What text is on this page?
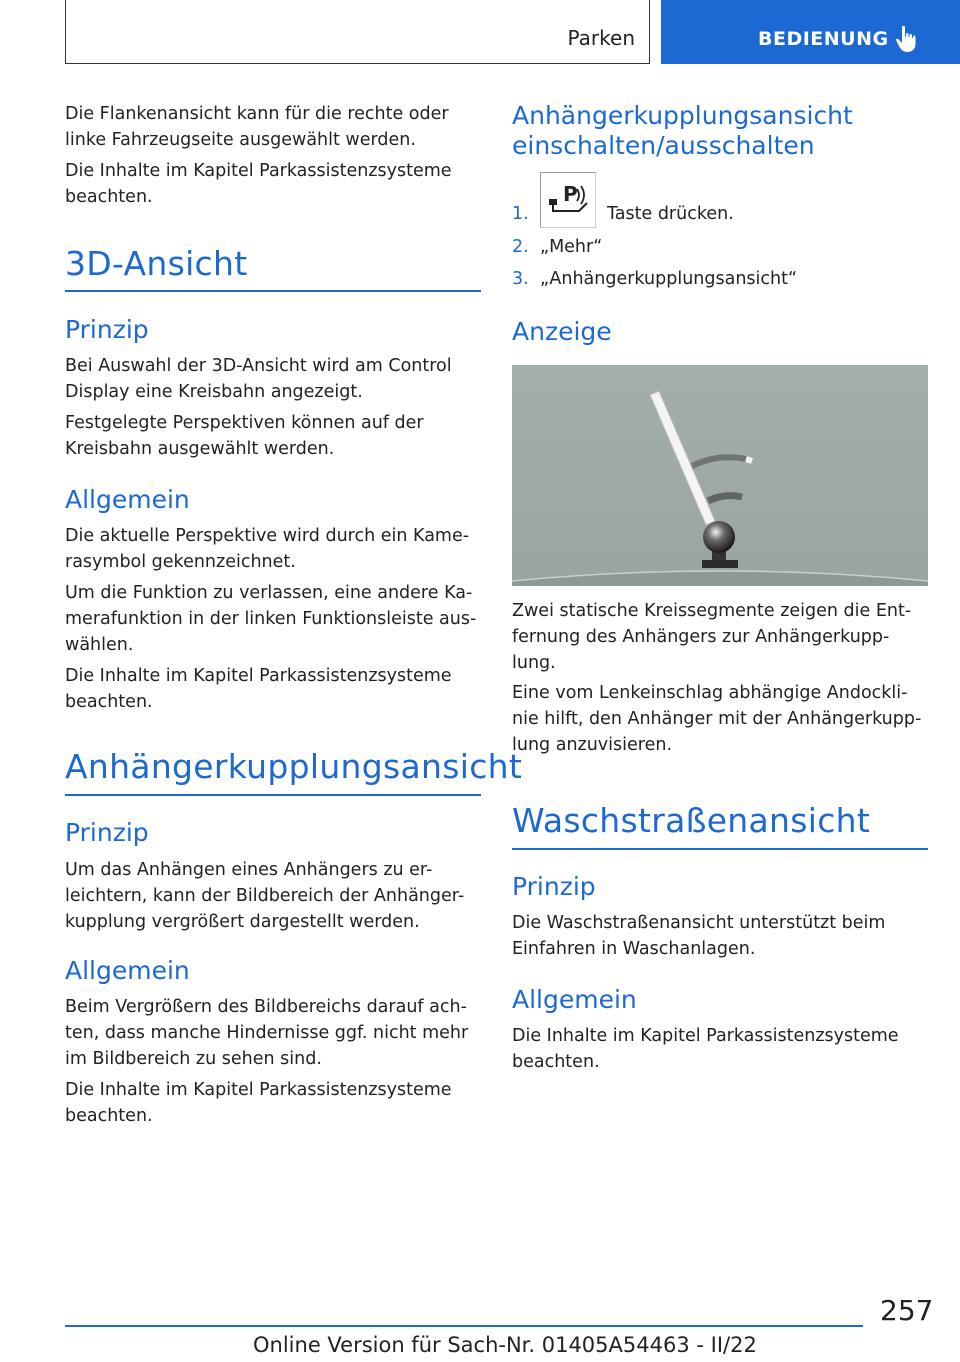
Parken	BEDIENUNG

Die Flankenansicht kann für die rechte oder linke Fahrzeugseite ausgewählt werden.

Die Inhalte im Kapitel Parkassistenzsysteme beachten.

3D-Ansicht
Prinzip

Bei Auswahl der 3D-Ansicht wird am Control Display eine Kreisbahn angezeigt.

Festgelegte Perspektiven können auf der Kreisbahn ausgewählt werden.

Allgemein

Die aktuelle Perspektive wird durch ein Kame-rasymbol gekennzeichnet.

Um die Funktion zu verlassen, eine andere Ka-merafunktion in der linken Funktionsleiste aus-wählen.

Die Inhalte im Kapitel Parkassistenzsysteme beachten.

Anhängerkupplungsansicht
Prinzip

Um das Anhängen eines Anhängers zu er-leichtern, kann der Bildbereich der Anhänger-kupplung vergrößert dargestellt werden.

Allgemein

Beim Vergrößern des Bildbereichs darauf ach-ten, dass manche Hindernisse ggf. nicht mehr im Bildbereich zu sehen sind.

Die Inhalte im Kapitel Parkassistenzsysteme beachten.

Anhängerkupplungsansicht
einschalten/ausschalten
1.
P
Taste drücken.
2. „Mehr“
3. „Anhängerkupplungsansicht“
Anzeige

Zwei statische Kreissegmente zeigen die Ent-fernung des Anhängers zur Anhängerkupp-lung.

Eine vom Lenkeinschlag abhängige Andockli-nie hilft, den Anhänger mit der Anhängerkupp-lung anzuvisieren.

Waschstraßenansicht
Prinzip

Die Waschstraßenansicht unterstützt beim Einfahren in Waschanlagen.

Allgemein

Die Inhalte im Kapitel Parkassistenzsysteme beachten.

257
Online Version für Sach-Nr. 01405A54463 - II/22
